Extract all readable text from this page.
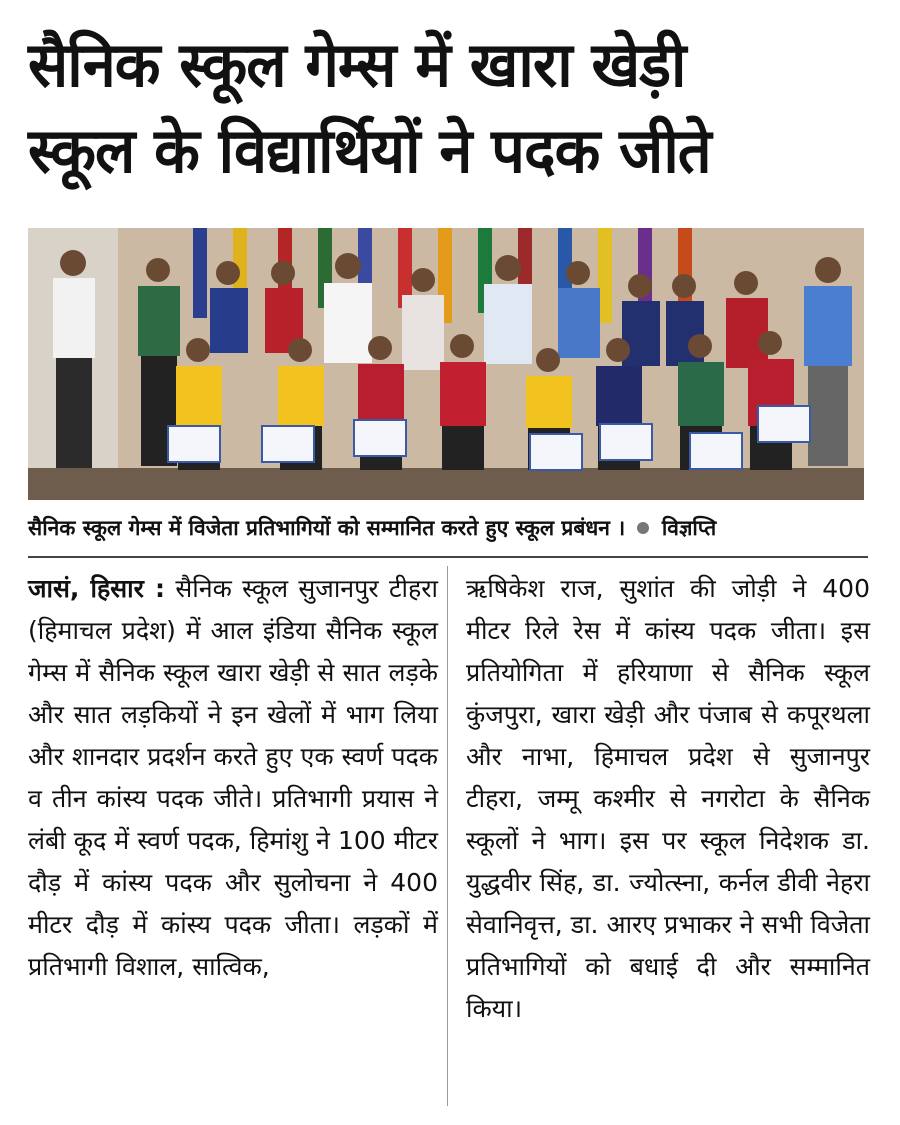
सैनिक स्कूल गेम्स में खारा खेड़ी
स्कूल के विद्यार्थियों ने पदक जीते
सैनिक स्कूल गेम्स में विजेता प्रतिभागियों को सम्मानित करते हुए स्कूल प्रबंधन । विज्ञप्ति
जासं, हिसार : सैनिक स्कूल सुजानपुर टीहरा (हिमाचल प्रदेश) में आल इंडिया सैनिक स्कूल गेम्स में सैनिक स्कूल खारा खेड़ी से सात लड़के और सात लड़कियों ने इन खेलों में भाग लिया और शानदार प्रदर्शन करते हुए एक स्वर्ण पदक व तीन कांस्य पदक जीते। प्रतिभागी प्रयास ने लंबी कूद में स्वर्ण पदक, हिमांशु ने 100 मीटर दौड़ में कांस्य पदक और सुलोचना ने 400 मीटर दौड़ में कांस्य पदक जीता। लड़कों में प्रतिभागी विशाल, सात्विक,
ऋषिकेश राज, सुशांत की जोड़ी ने 400 मीटर रिले रेस में कांस्य पदक जीता। इस प्रतियोगिता में हरियाणा से सैनिक स्कूल कुंजपुरा, खारा खेड़ी और पंजाब से कपूरथला और नाभा, हिमाचल प्रदेश से सुजानपुर टीहरा, जम्मू कश्मीर से नगरोटा के सैनिक स्कूलों ने भाग। इस पर स्कूल निदेशक डा. युद्धवीर सिंह, डा. ज्योत्स्ना, कर्नल डीवी नेहरा सेवानिवृत्त, डा. आरए प्रभाकर ने सभी विजेता प्रतिभागियों को बधाई दी और सम्मानित किया।
